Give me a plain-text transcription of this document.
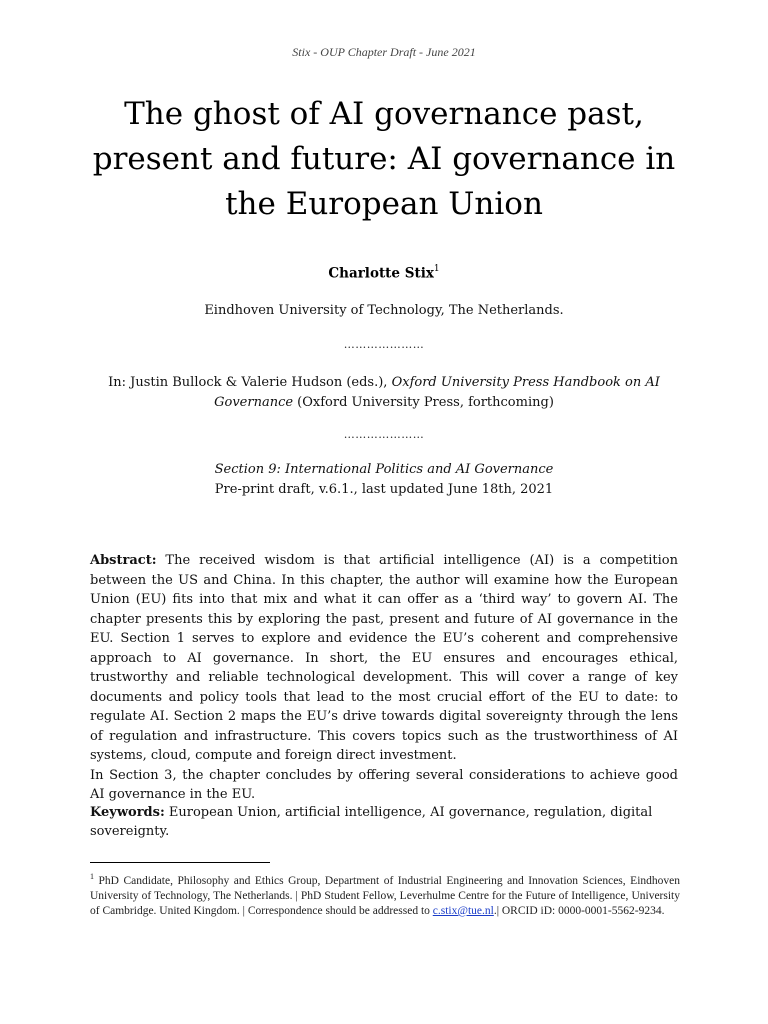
Stix - OUP Chapter Draft - June 2021
The ghost of AI governance past, present and future: AI governance in the European Union
Charlotte Stix$^1$
Eindhoven University of Technology, The Netherlands.
…………………
In: Justin Bullock & Valerie Hudson (eds.), Oxford University Press Handbook on AI Governance (Oxford University Press, forthcoming)
…………………
Section 9: International Politics and AI Governance
Pre-print draft, v.6.1., last updated June 18th, 2021

Abstract: The received wisdom is that artificial intelligence (AI) is a competition between the US and China. In this chapter, the author will examine how the European Union (EU) fits into that mix and what it can offer as a ‘third way’ to govern AI. The chapter presents this by exploring the past, present and future of AI governance in the EU. Section 1 serves to explore and evidence the EU’s coherent and comprehensive approach to AI governance. In short, the EU ensures and encourages ethical, trustworthy and reliable technological development. This will cover a range of key documents and policy tools that lead to the most crucial effort of the EU to date: to regulate AI. Section 2 maps the EU’s drive towards digital sovereignty through the lens of regulation and infrastructure. This covers topics such as the trustworthiness of AI systems, cloud, compute and foreign direct investment.
In Section 3, the chapter concludes by offering several considerations to achieve good AI governance in the EU.

Keywords: European Union, artificial intelligence, AI governance, regulation, digital sovereignty.

$^1$ PhD Candidate, Philosophy and Ethics Group, Department of Industrial Engineering and Innovation Sciences, Eindhoven University of Technology, The Netherlands. | PhD Student Fellow, Leverhulme Centre for the Future of Intelligence, University of Cambridge. United Kingdom. | Correspondence should be addressed to c.stix@tue.nl.| ORCID iD: 0000-0001-5562-9234.
